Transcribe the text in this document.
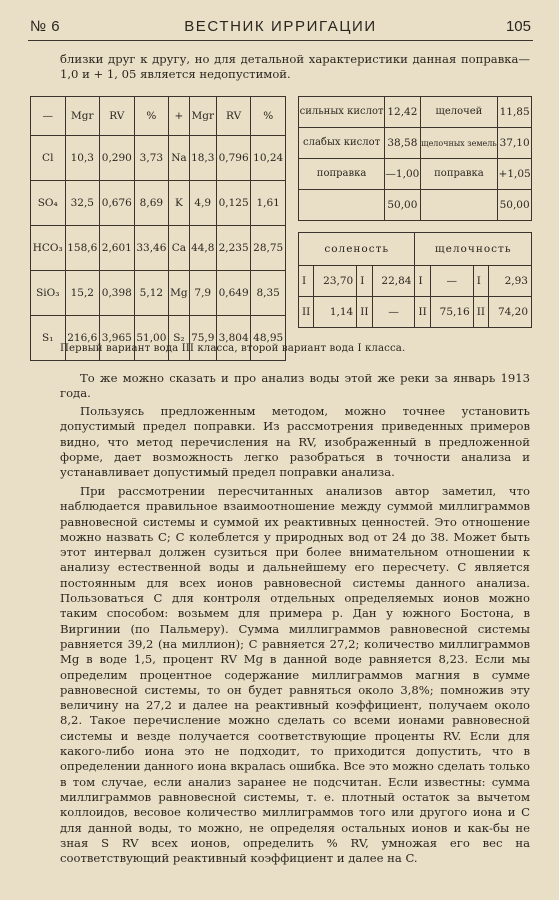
№ 6	ВЕСТНИК ИРРИГАЦИИ	105
близки друг к другу, но для детальной характеристики данная поправка—1,0 и + 1, 05 является недопустимой.
—	Mgr	RV	%	+	Mgr	RV	%
Cl	10,3	0,290	3,73	Na	18,3	0,796	10,24
SO₄	32,5	0,676	8,69	K	4,9	0,125	1,61
HCO₃	158,6	2,601	33,46	Ca	44,8	2,235	28,75
SiO₃	15,2	0,398	5,12	Mg	7,9	0,649	8,35
S₁	216,6	3,965	51,00	S₂	75,9	3,804	48,95
сильных кислот	12,42	щелочей	11,85
слабых кислот	38,58	щелочных земель	37,10
поправка	—1,00	поправка	+1,05
	50,00		50,00
соленость				щелочность			
I	23,70	I	22,84	I	—	I	2,93
II	1,14	II	—	II	75,16	II	74,20
Первый вариант вода III класса, второй вариант вода I класса.
То же можно сказать и про анализ воды этой же реки за январь 1913 года.
Пользуясь предложенным методом, можно точнее установить допустимый предел поправки. Из рассмотрения приведенных примеров видно, что метод перечисления на RV, изображенный в предложенной форме, дает возможность легко разобраться в точности анализа и устанавливает допустимый предел поправки анализа.
При рассмотрении пересчитанных анализов автор заметил, что наблюдается правильное взаимоотношение между суммой миллиграммов равновесной системы и суммой их реактивных ценностей. Это отношение можно назвать C; C колеблется у природных вод от 24 до 38. Может быть этот интервал должен сузиться при более внимательном отношении к анализу естественной воды и дальнейшему его пересчету. C является постоянным для всех ионов равновесной системы данного анализа. Пользоваться C для контроля отдельных определяемых ионов можно таким способом: возьмем для примера р. Дан у южного Бостона, в Виргинии (по Пальмеру). Сумма миллиграммов равновесной системы равняется 39,2 (на миллион); C равняется 27,2; количество миллиграммов Mg в воде 1,5, процент RV Mg в данной воде равняется 8,23. Если мы определим процентное содержание миллиграммов магния в сумме равновесной системы, то он будет равняться около 3,8%; помножив эту величину на 27,2 и далее на реактивный коэффициент, получаем около 8,2. Такое перечисление можно сделать со всеми ионами равновесной системы и везде получается соответствующие проценты RV. Если для какого-либо иона это не подходит, то приходится допустить, что в определении данного иона вкралась ошибка. Все это можно сделать только в том случае, если анализ заранее не подсчитан. Если известны: сумма миллиграммов равновесной системы, т. е. плотный остаток за вычетом коллоидов, весовое количество миллиграммов того или другого иона и C для данной воды, то можно, не определяя остальных ионов и как-бы не зная S RV всех ионов, определить % RV, умножая его вес на соответствующий реактивный коэффициент и далее на C.
